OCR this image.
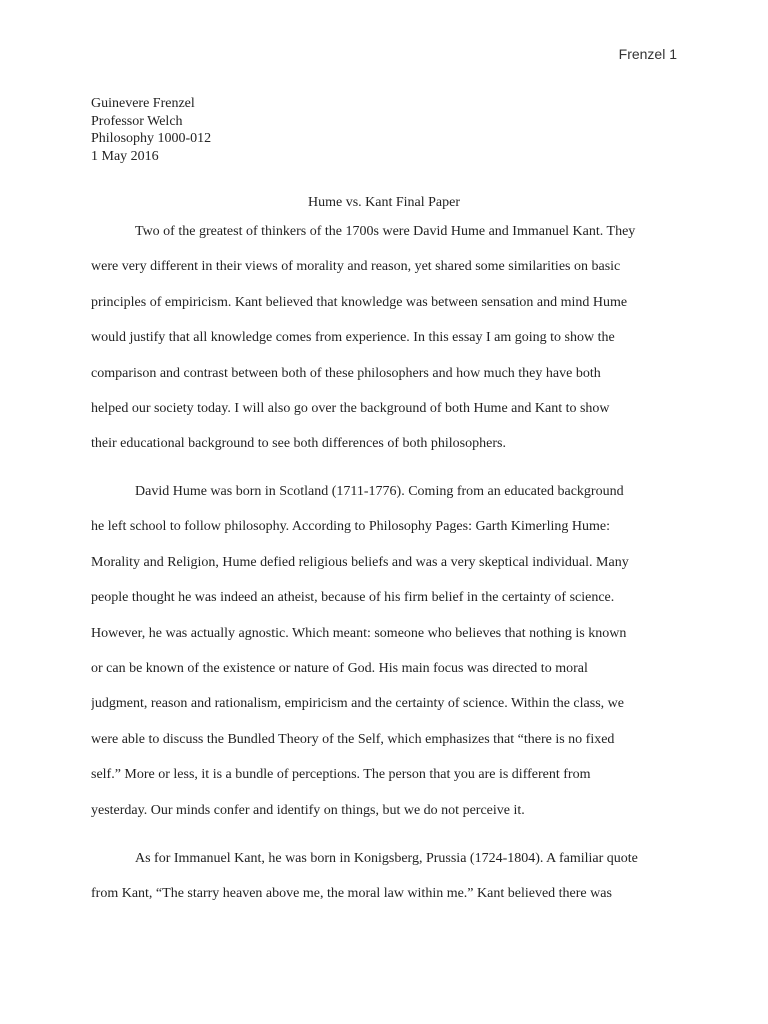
Frenzel 1
Guinevere Frenzel
Professor Welch
Philosophy 1000-012
1 May 2016
Hume vs. Kant Final Paper
Two of the greatest of thinkers of the 1700s were David Hume and Immanuel Kant. They
were very different in their views of morality and reason, yet shared some similarities on basic
principles of empiricism. Kant believed that knowledge was between sensation and mind Hume
would justify that all knowledge comes from experience. In this essay I am going to show the
comparison and contrast between both of these philosophers and how much they have both
helped our society today. I will also go over the background of both Hume and Kant to show
their educational background to see both differences of both philosophers.
David Hume was born in Scotland (1711-1776). Coming from an educated background
he left school to follow philosophy. According to Philosophy Pages: Garth Kimerling Hume:
Morality and Religion, Hume defied religious beliefs and was a very skeptical individual. Many
people thought he was indeed an atheist, because of his firm belief in the certainty of science.
However, he was actually agnostic. Which meant: someone who believes that nothing is known
or can be known of the existence or nature of God. His main focus was directed to moral
judgment, reason and rationalism, empiricism and the certainty of science. Within the class, we
were able to discuss the Bundled Theory of the Self, which emphasizes that “there is no fixed
self.” More or less, it is a bundle of perceptions. The person that you are is different from
yesterday. Our minds confer and identify on things, but we do not perceive it.
As for Immanuel Kant, he was born in Konigsberg, Prussia (1724-1804). A familiar quote
from Kant, “The starry heaven above me, the moral law within me.” Kant believed there was
